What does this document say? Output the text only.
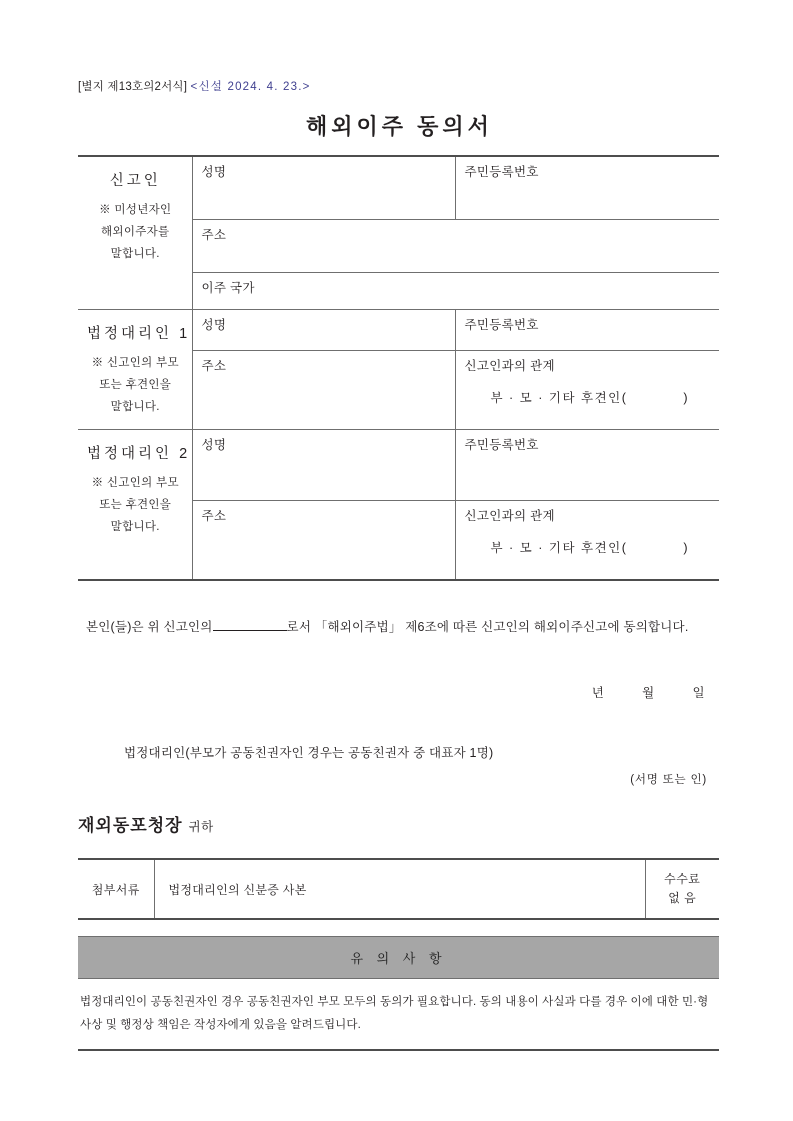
[별지 제13호의2서식] <신설 2024. 4. 23.>
해외이주 동의서
신고인
※ 미성년자인
해외이주자를
말합니다.	성명	주민등록번호
	주소	
	이주 국가	

법정대리인 1
※ 신고인의 부모
또는 후견인을
말합니다.	성명	주민등록번호
	주소	신고인과의 관계
부 · 모 · 기타 후견인( )

법정대리인 2
※ 신고인의 부모
또는 후견인을
말합니다.	성명	주민등록번호
	주소	신고인과의 관계
부 · 모 · 기타 후견인( )
본인(들)은 위 신고인의	로서 「해외이주법」 제6조에 따른 신고인의 해외이주신고에 동의합니다.
년	월	일
법정대리인(부모가 공동친권자인 경우는 공동친권자 중 대표자 1명)
(서명 또는 인)
재외동포청장 귀하
첨부서류	법정대리인의 신분증 사본	수수료
없 음
유 의 사 항
법정대리인이 공동친권자인 경우 공동친권자인 부모 모두의 동의가 필요합니다. 동의 내용이 사실과 다를 경우 이에 대한 민·형사상 및 행정상 책임은 작성자에게 있음을 알려드립니다.
